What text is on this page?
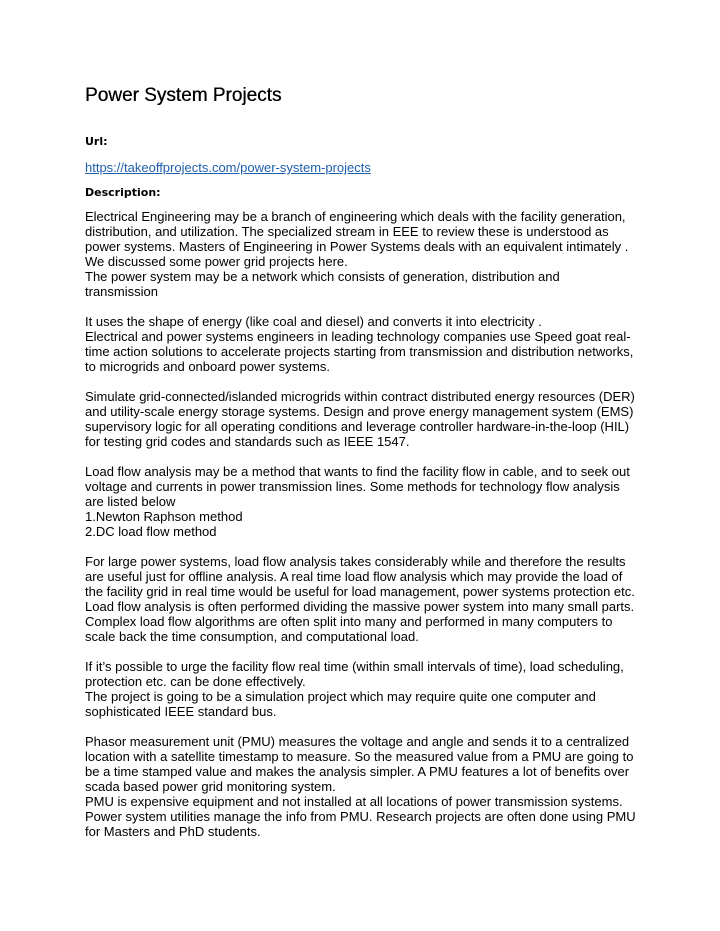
Power System Projects

Url:

https://takeoffprojects.com/power-system-projects

Description:

Electrical Engineering may be a branch of engineering which deals with the facility generation,
distribution, and utilization. The specialized stream in EEE to review these is understood as
power systems. Masters of Engineering in Power Systems deals with an equivalent intimately .
We discussed some power grid projects here.
The power system may be a network which consists of generation, distribution and
transmission

It uses the shape of energy (like coal and diesel) and converts it into electricity .
Electrical and power systems engineers in leading technology companies use Speed goat real-
time action solutions to accelerate projects starting from transmission and distribution networks,
to microgrids and onboard power systems.

Simulate grid-connected/islanded microgrids within contract distributed energy resources (DER)
and utility-scale energy storage systems. Design and prove energy management system (EMS)
supervisory logic for all operating conditions and leverage controller hardware-in-the-loop (HIL)
for testing grid codes and standards such as IEEE 1547.

Load flow analysis may be a method that wants to find the facility flow in cable, and to seek out
voltage and currents in power transmission lines. Some methods for technology flow analysis
are listed below
1.Newton Raphson method
2.DC load flow method

For large power systems, load flow analysis takes considerably while and therefore the results
are useful just for offline analysis. A real time load flow analysis which may provide the load of
the facility grid in real time would be useful for load management, power systems protection etc.
Load flow analysis is often performed dividing the massive power system into many small parts.
Complex load flow algorithms are often split into many and performed in many computers to
scale back the time consumption, and computational load.

If it’s possible to urge the facility flow real time (within small intervals of time), load scheduling,
protection etc. can be done effectively.
The project is going to be a simulation project which may require quite one computer and
sophisticated IEEE standard bus.

Phasor measurement unit (PMU) measures the voltage and angle and sends it to a centralized
location with a satellite timestamp to measure. So the measured value from a PMU are going to
be a time stamped value and makes the analysis simpler. A PMU features a lot of benefits over
scada based power grid monitoring system.
PMU is expensive equipment and not installed at all locations of power transmission systems.
Power system utilities manage the info from PMU. Research projects are often done using PMU
for Masters and PhD students.
